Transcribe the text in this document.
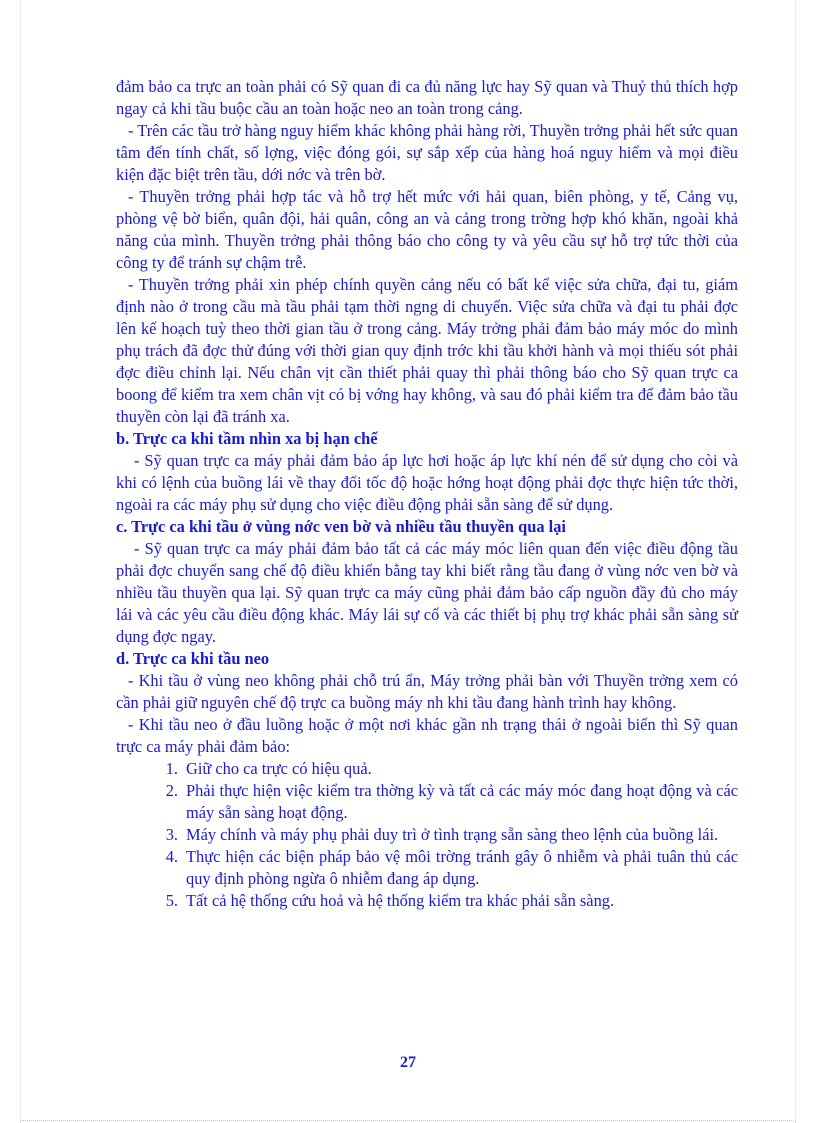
đảm bảo ca trực an toàn phải có Sỹ quan đi ca đủ năng lực hay Sỹ quan và Thuỷ thủ thích hợp ngay cả khi tầu buộc cầu an toàn hoặc neo an toàn trong cảng.

- Trên các tầu trở hàng nguy hiểm khác không phải hàng rời, Thuyền trởng phải hết sức quan tâm đến tính chất, số lợng, việc đóng gói, sự sắp xếp của hàng hoá nguy hiểm và mọi điều kiện đặc biệt trên tầu, dới nớc và trên bờ.

- Thuyền trởng phải hợp tác và hỗ trợ hết mức với hải quan, biên phòng, y tế, Cảng vụ, phòng vệ bờ biển, quân đội, hải quân, công an và cảng trong trờng hợp khó khăn, ngoài khả năng của mình. Thuyền trởng phải thông báo cho công ty và yêu cầu sự hỗ trợ tức thời của công ty để tránh sự chậm trễ.

- Thuyền trởng phải xin phép chính quyền cảng nếu có bất kể việc sửa chữa, đại tu, giám định nào ở trong cầu mà tầu phải tạm thời ngng di chuyển. Việc sửa chữa và đại tu phải đợc lên kế hoạch tuỳ theo thời gian tầu ở trong cảng. Máy trởng phải đảm bảo máy móc do mình phụ trách đã đợc thử đúng với thời gian quy định trớc khi tầu khởi hành và mọi thiếu sót phải đợc điều chỉnh lại. Nếu chân vịt cần thiết phải quay thì phải thông báo cho Sỹ quan trực ca boong để kiểm tra xem chân vịt có bị vớng hay không, và sau đó phải kiểm tra để đảm bảo tầu thuyền còn lại đã tránh xa.

b. Trực ca khi tầm nhìn xa bị hạn chế

- Sỹ quan trực ca máy phải đảm bảo áp lực hơi hoặc áp lực khí nén để sử dụng cho còi và khi có lệnh của buồng lái về thay đổi tốc độ hoặc hớng hoạt động phải đợc thực hiện tức thời, ngoài ra các máy phụ sử dụng cho việc điều động phải sẵn sàng để sử dụng.

c. Trực ca khi tầu ở vùng nớc ven bờ và nhiều tầu thuyền qua lại

- Sỹ quan trực ca máy phải đảm bảo tất cả các máy móc liên quan đến việc điều động tầu phải đợc chuyển sang chế độ điều khiển bằng tay khi biết rằng tầu đang ở vùng nớc ven bờ và nhiều tầu thuyền qua lại. Sỹ quan trực ca máy cũng phải đảm bảo cấp nguồn đầy đủ cho máy lái và các yêu cầu điều động khác. Máy lái sự cố và các thiết bị phụ trợ khác phải sẵn sàng sử dụng đợc ngay.

d. Trực ca khi tầu neo

- Khi tầu ở vùng neo không phải chỗ trú ẩn, Máy trởng phải bàn với Thuyền trởng xem có cần phải giữ nguyên chế độ trực ca buồng máy nh khi tầu đang hành trình hay không.

- Khi tầu neo ở đầu luồng hoặc ở một nơi khác gần nh trạng thái ở ngoài biển thì Sỹ quan trực ca máy phải đảm bảo:

1. Giữ cho ca trực có hiệu quả.
2. Phải thực hiện việc kiểm tra thờng kỳ và tất cả các máy móc đang hoạt động và các máy sẵn sàng hoạt động.
3. Máy chính và máy phụ phải duy trì ở tình trạng sẵn sàng theo lệnh của buồng lái.
4. Thực hiện các biện pháp bảo vệ môi trờng tránh gây ô nhiễm và phải tuân thủ các quy định phòng ngừa ô nhiễm đang áp dụng.
5. Tất cả hệ thống cứu hoả và hệ thống kiểm tra khác phải sẵn sàng.
27
